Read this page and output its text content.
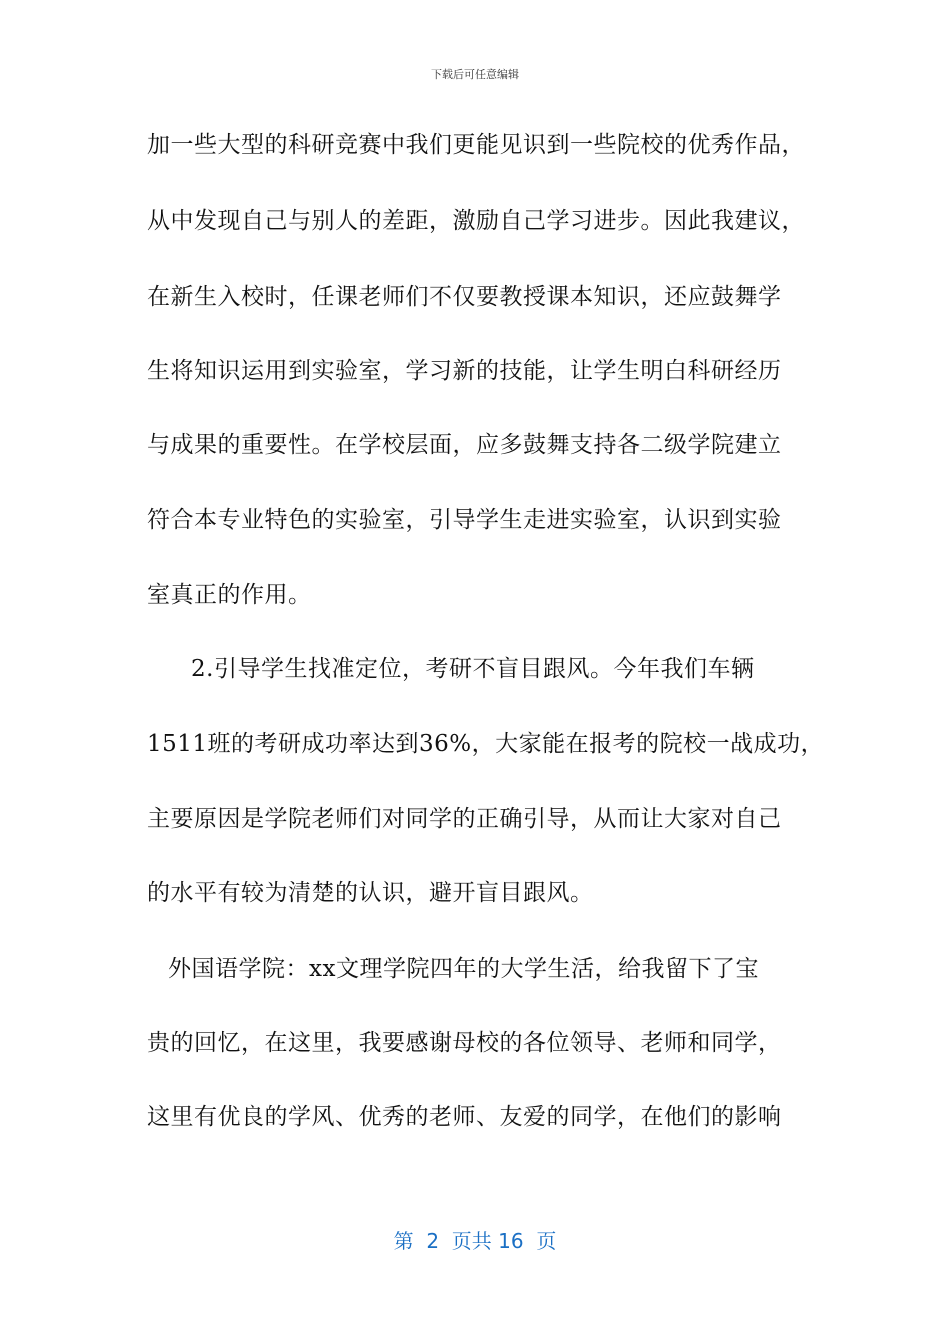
下载后可任意编辑
加一些大型的科研竞赛中我们更能见识到一些院校的优秀作品，
从中发现自己与别人的差距，激励自己学习进步。因此我建议，
在新生入校时，任课老师们不仅要教授课本知识，还应鼓舞学
生将知识运用到实验室，学习新的技能，让学生明白科研经历
与成果的重要性。在学校层面，应多鼓舞支持各二级学院建立
符合本专业特色的实验室，引导学生走进实验室，认识到实验
室真正的作用。
2.引导学生找准定位，考研不盲目跟风。今年我们车辆
1511班的考研成功率达到36%，大家能在报考的院校一战成功，
主要原因是学院老师们对同学的正确引导，从而让大家对自己
的水平有较为清楚的认识，避开盲目跟风。
外国语学院：xx文理学院四年的大学生活，给我留下了宝
贵的回忆，在这里，我要感谢母校的各位领导、老师和同学，
这里有优良的学风、优秀的老师、友爱的同学，在他们的影响
第  2  页共 16  页
